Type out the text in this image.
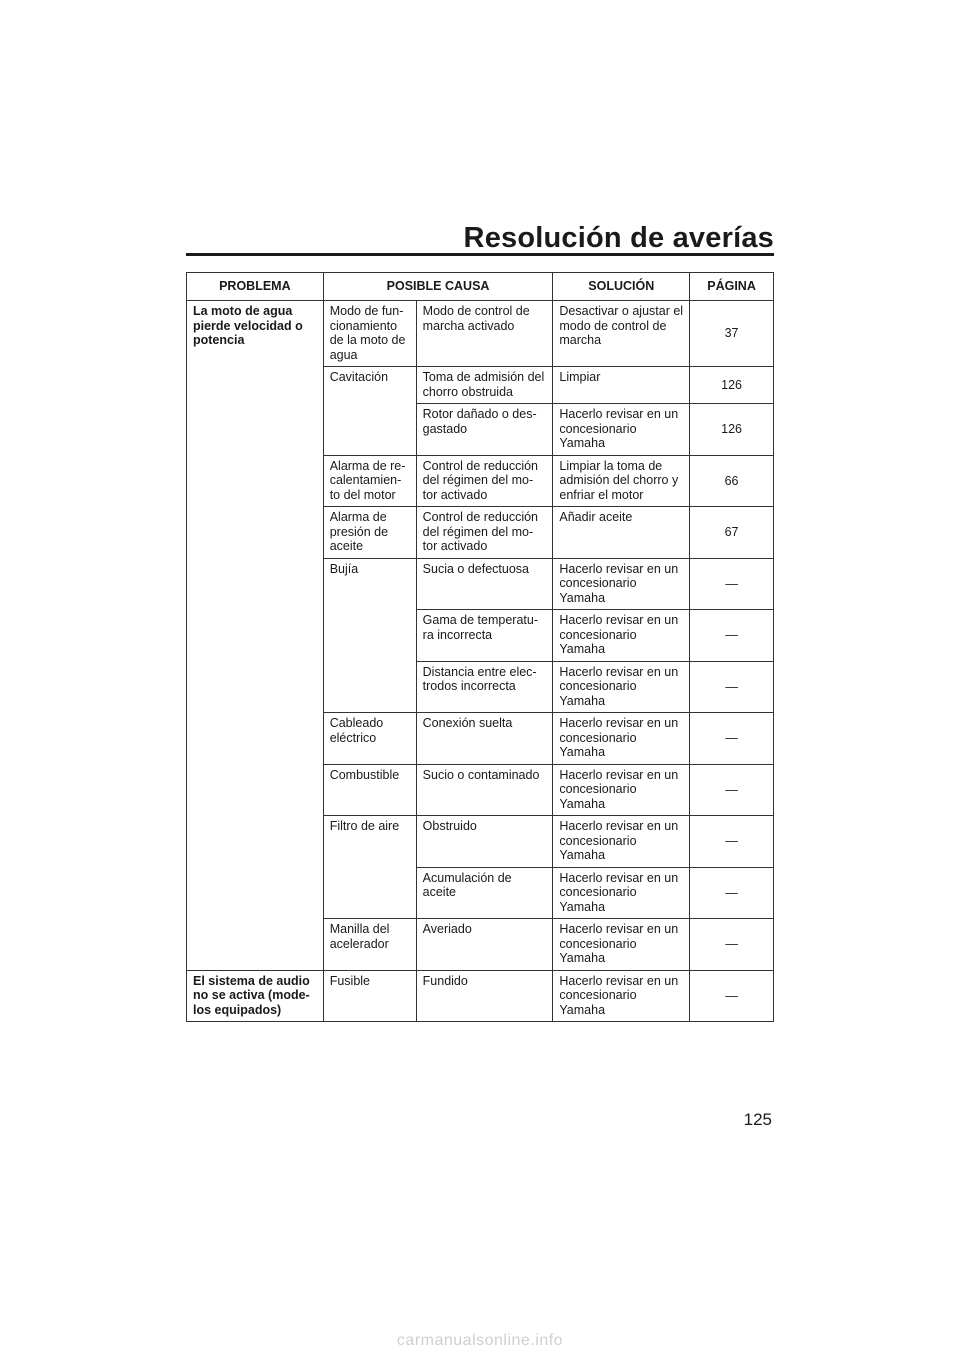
Resolución de averías
PROBLEMA	POSIBLE CAUSA		SOLUCIÓN	PÁGINA
La moto de agua pierde velocidad o potencia	Modo de fun-cionamiento de la moto de agua	Modo de control de marcha activado	Desactivar o ajustar el modo de control de marcha	37
	Cavitación	Toma de admisión del chorro obstruida	Limpiar	126
		Rotor dañado o des-gastado	Hacerlo revisar en un concesionario Yamaha	126
	Alarma de re-calentamien-to del motor	Control de reducción del régimen del mo-tor activado	Limpiar la toma de admisión del chorro y enfriar el motor	66
	Alarma de presión de aceite	Control de reducción del régimen del mo-tor activado	Añadir aceite	67
	Bujía	Sucia o defectuosa	Hacerlo revisar en un concesionario Yamaha	—
		Gama de temperatu-ra incorrecta	Hacerlo revisar en un concesionario Yamaha	—
		Distancia entre elec-trodos incorrecta	Hacerlo revisar en un concesionario Yamaha	—
	Cableado eléctrico	Conexión suelta	Hacerlo revisar en un concesionario Yamaha	—
	Combustible	Sucio o contaminado	Hacerlo revisar en un concesionario Yamaha	—
	Filtro de aire	Obstruido	Hacerlo revisar en un concesionario Yamaha	—
		Acumulación de aceite	Hacerlo revisar en un concesionario Yamaha	—
	Manilla del acelerador	Averiado	Hacerlo revisar en un concesionario Yamaha	—
El sistema de audio no se activa (mode-los equipados)	Fusible	Fundido	Hacerlo revisar en un concesionario Yamaha	—
125
carmanualsonline.info
